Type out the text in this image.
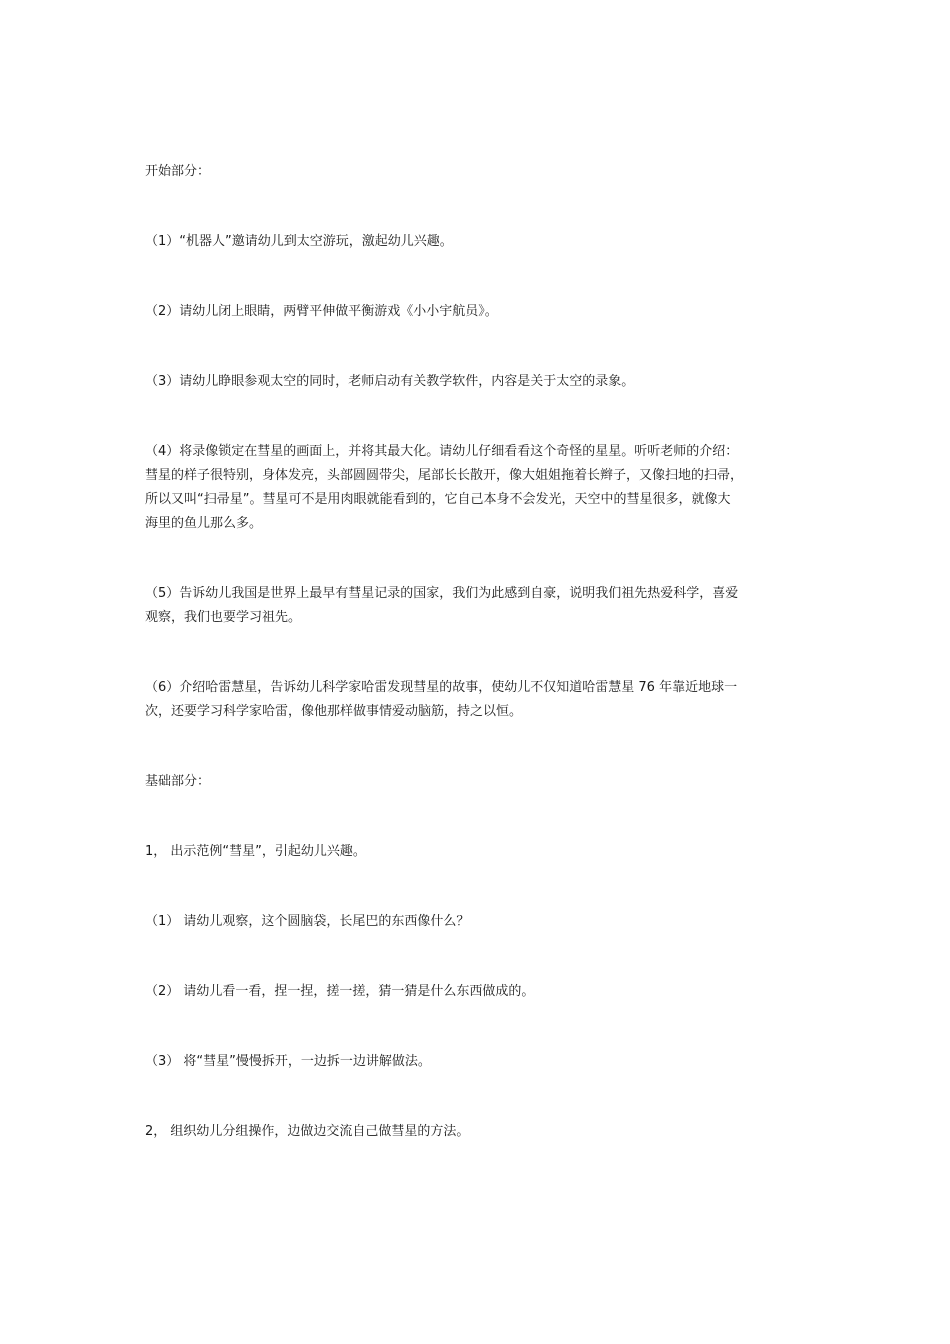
开始部分：

（1）“机器人”邀请幼儿到太空游玩，激起幼儿兴趣。

（2）请幼儿闭上眼睛，两臂平伸做平衡游戏《小小宇航员》。

（3）请幼儿睁眼参观太空的同时，老师启动有关教学软件，内容是关于太空的录象。

（4）将录像锁定在彗星的画面上，并将其最大化。请幼儿仔细看看这个奇怪的星星。听听老师的介绍：
彗星的样子很特别，身体发亮，头部圆圆带尖，尾部长长散开，像大姐姐拖着长辫子，又像扫地的扫帚，
所以又叫“扫帚星”。彗星可不是用肉眼就能看到的，它自己本身不会发光，天空中的彗星很多，就像大
海里的鱼儿那么多。

（5）告诉幼儿我国是世界上最早有彗星记录的国家，我们为此感到自豪，说明我们祖先热爱科学，喜爱
观察，我们也要学习祖先。

（6）介绍哈雷慧星，告诉幼儿科学家哈雷发现彗星的故事，使幼儿不仅知道哈雷慧星 76 年靠近地球一
次，还要学习科学家哈雷，像他那样做事情爱动脑筋，持之以恒。

基础部分：

1， 出示范例“彗星”，引起幼儿兴趣。

（1） 请幼儿观察，这个圆脑袋，长尾巴的东西像什么？

（2） 请幼儿看一看，捏一捏，搓一搓，猜一猜是什么东西做成的。

（3） 将“彗星”慢慢拆开，一边拆一边讲解做法。

2， 组织幼儿分组操作，边做边交流自己做彗星的方法。
